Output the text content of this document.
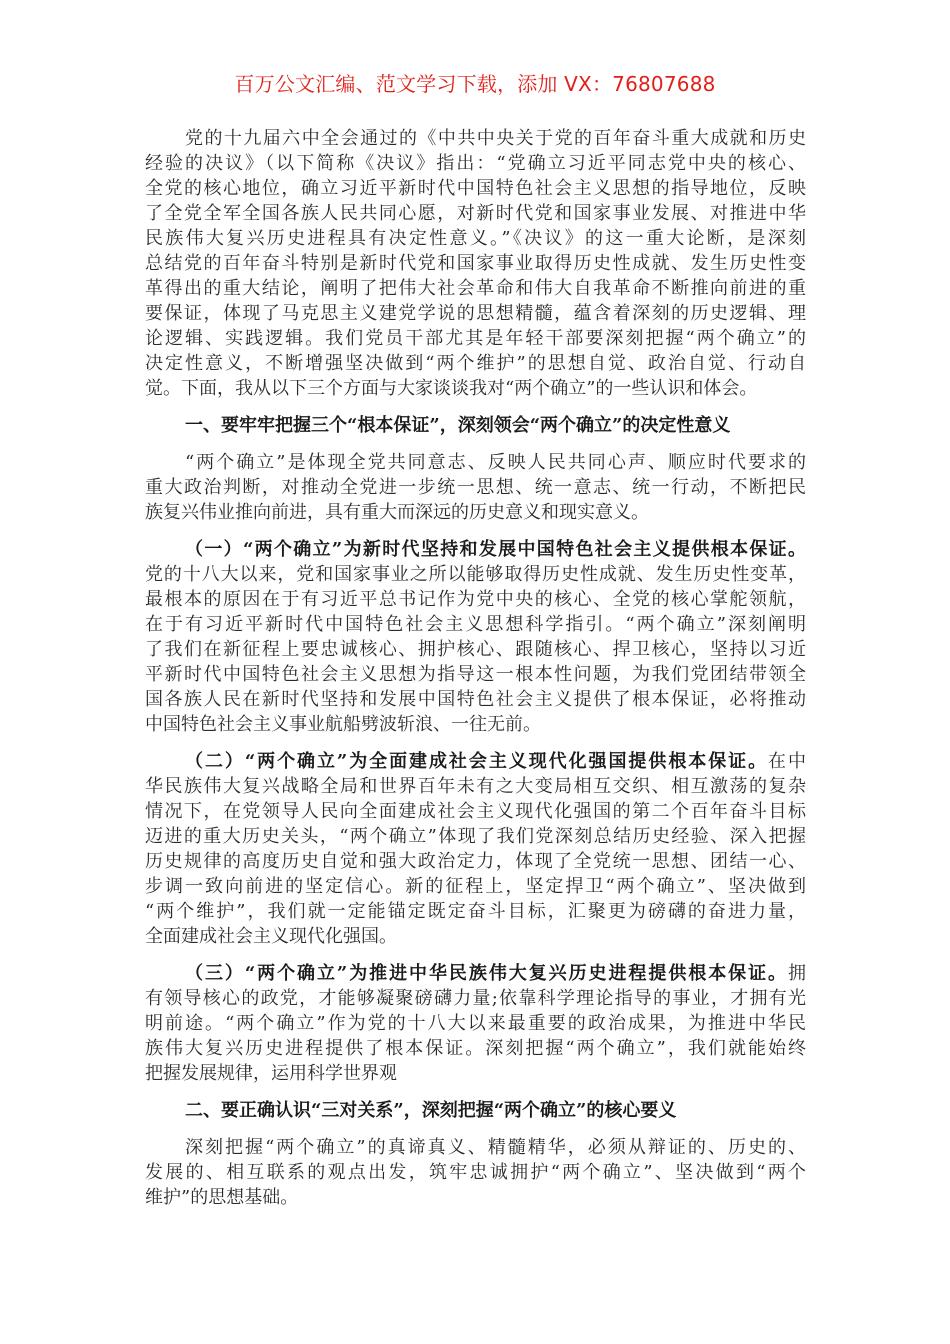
百万公文汇编、范文学习下载，添加 VX：76807688
党的十九届六中全会通过的《中共中央关于党的百年奋斗重大成就和历史
经验的决议》（以下简称《决议》指出：“党确立习近平同志党中央的核心、
全党的核心地位，确立习近平新时代中国特色社会主义思想的指导地位，反映
了全党全军全国各族人民共同心愿，对新时代党和国家事业发展、对推进中华
民族伟大复兴历史进程具有决定性意义。”《决议》的这一重大论断，是深刻
总结党的百年奋斗特别是新时代党和国家事业取得历史性成就、发生历史性变
革得出的重大结论，阐明了把伟大社会革命和伟大自我革命不断推向前进的重
要保证，体现了马克思主义建党学说的思想精髓，蕴含着深刻的历史逻辑、理
论逻辑、实践逻辑。我们党员干部尤其是年轻干部要深刻把握“两个确立”的
决定性意义，不断增强坚决做到“两个维护”的思想自觉、政治自觉、行动自
觉。下面，我从以下三个方面与大家谈谈我对“两个确立”的一些认识和体会。
一、要牢牢把握三个“根本保证”，深刻领会“两个确立”的决定性意义
“两个确立”是体现全党共同意志、反映人民共同心声、顺应时代要求的
重大政治判断，对推动全党进一步统一思想、统一意志、统一行动，不断把民
族复兴伟业推向前进，具有重大而深远的历史意义和现实意义。
（一）“两个确立”为新时代坚持和发展中国特色社会主义提供根本保证。
党的十八大以来，党和国家事业之所以能够取得历史性成就、发生历史性变革，
最根本的原因在于有习近平总书记作为党中央的核心、全党的核心掌舵领航，
在于有习近平新时代中国特色社会主义思想科学指引。“两个确立”深刻阐明
了我们在新征程上要忠诚核心、拥护核心、跟随核心、捍卫核心，坚持以习近
平新时代中国特色社会主义思想为指导这一根本性问题，为我们党团结带领全
国各族人民在新时代坚持和发展中国特色社会主义提供了根本保证，必将推动
中国特色社会主义事业航船劈波斩浪、一往无前。
（二）“两个确立”为全面建成社会主义现代化强国提供根本保证。在中
华民族伟大复兴战略全局和世界百年未有之大变局相互交织、相互激荡的复杂
情况下，在党领导人民向全面建成社会主义现代化强国的第二个百年奋斗目标
迈进的重大历史关头，“两个确立”体现了我们党深刻总结历史经验、深入把握
历史规律的高度历史自觉和强大政治定力，体现了全党统一思想、团结一心、
步调一致向前进的坚定信心。新的征程上，坚定捍卫“两个确立”、坚决做到
“两个维护”，我们就一定能锚定既定奋斗目标，汇聚更为磅礴的奋进力量，
全面建成社会主义现代化强国。
（三）“两个确立”为推进中华民族伟大复兴历史进程提供根本保证。拥
有领导核心的政党，才能够凝聚磅礴力量;依靠科学理论指导的事业，才拥有光
明前途。“两个确立”作为党的十八大以来最重要的政治成果，为推进中华民
族伟大复兴历史进程提供了根本保证。深刻把握“两个确立”，我们就能始终
把握发展规律，运用科学世界观
二、要正确认识“三对关系”，深刻把握“两个确立”的核心要义
深刻把握“两个确立”的真谛真义、精髓精华，必须从辩证的、历史的、
发展的、相互联系的观点出发，筑牢忠诚拥护“两个确立”、坚决做到“两个
维护”的思想基础。
